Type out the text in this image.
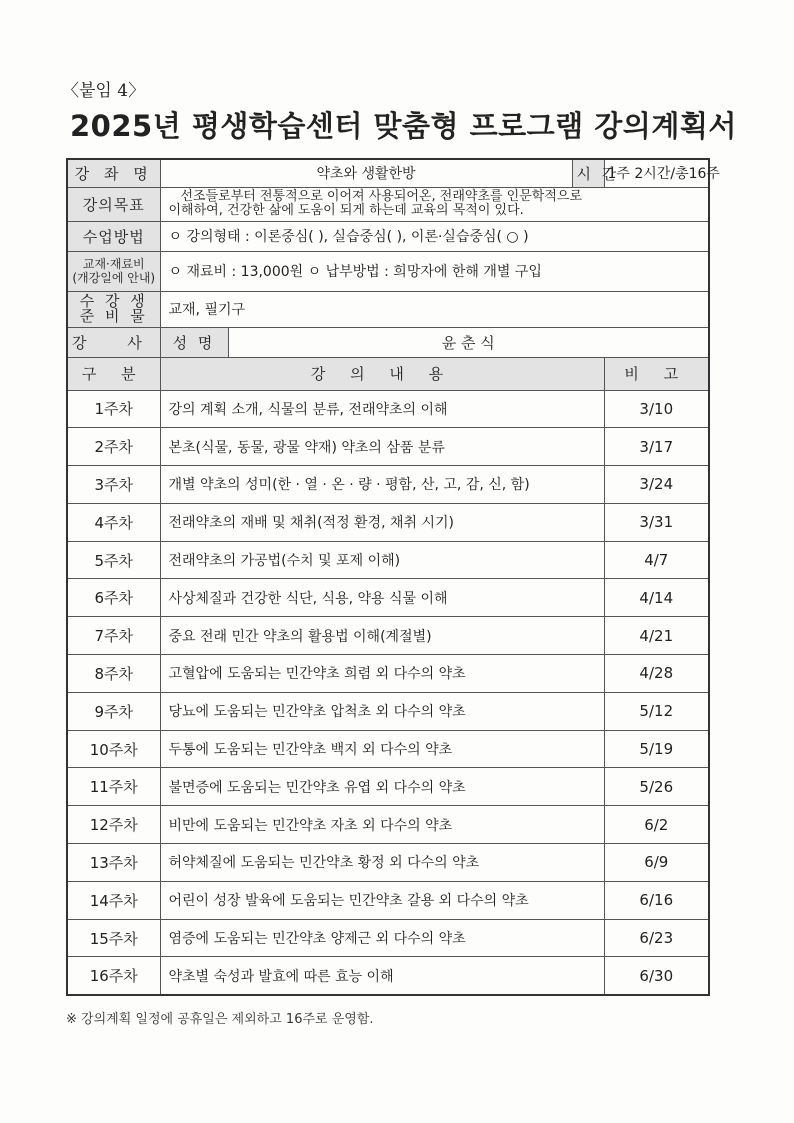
〈붙임 4〉
2025년 평생학습센터 맞춤형 프로그램 강의계획서
강 좌 명	약초와 생활한방		시 간	1주 2시간/총16주
강의목표	선조들로부터 전통적으로 이어져 사용되어온, 전래약초를 인문학적으로
이해하여, 건강한 삶에 도움이 되게 하는데 교육의 목적이 있다.			

수업방법	ㅇ 강의형태 : 이론중심( ), 실습중심( ), 이론·실습중심( ○ )			

교재·재료비
(개강일에 안내)	ㅇ 재료비 : 13,000원 ㅇ 납부방법 : 희망자에 한해 개별 구입			

수 강 생
준 비 물	교재, 필기구			
강 사	성 명	윤 춘 식		
구 분	강 의 내 용			비 고
1주차	강의 계획 소개, 식물의 분류, 전래약초의 이해			3/10
2주차	본초(식물, 동물, 광물 약재) 약초의 삼품 분류			3/17
3주차	개별 약초의 성미(한 · 열 · 온 · 량 · 평함, 산, 고, 감, 신, 함)			3/24
4주차	전래약초의 재배 및 채취(적정 환경, 채취 시기)			3/31
5주차	전래약초의 가공법(수치 및 포제 이해)			4/7
6주차	사상체질과 건강한 식단, 식용, 약용 식물 이해			4/14
7주차	중요 전래 민간 약초의 활용법 이해(계절별)			4/21
8주차	고혈압에 도움되는 민간약초 희렴 외 다수의 약초			4/28
9주차	당뇨에 도움되는 민간약초 압척초 외 다수의 약초			5/12
10주차	두통에 도움되는 민간약초 백지 외 다수의 약초			5/19
11주차	불면증에 도움되는 민간약초 유엽 외 다수의 약초			5/26
12주차	비만에 도움되는 민간약초 자초 외 다수의 약초			6/2
13주차	허약체질에 도움되는 민간약초 황정 외 다수의 약초			6/9
14주차	어린이 성장 발육에 도움되는 민간약초 갈용 외 다수의 약초			6/16
15주차	염증에 도움되는 민간약초 양제근 외 다수의 약초			6/23
16주차	약초별 숙성과 발효에 따른 효능 이해			6/30
※ 강의계획 일정에 공휴일은 제외하고 16주로 운영함.
